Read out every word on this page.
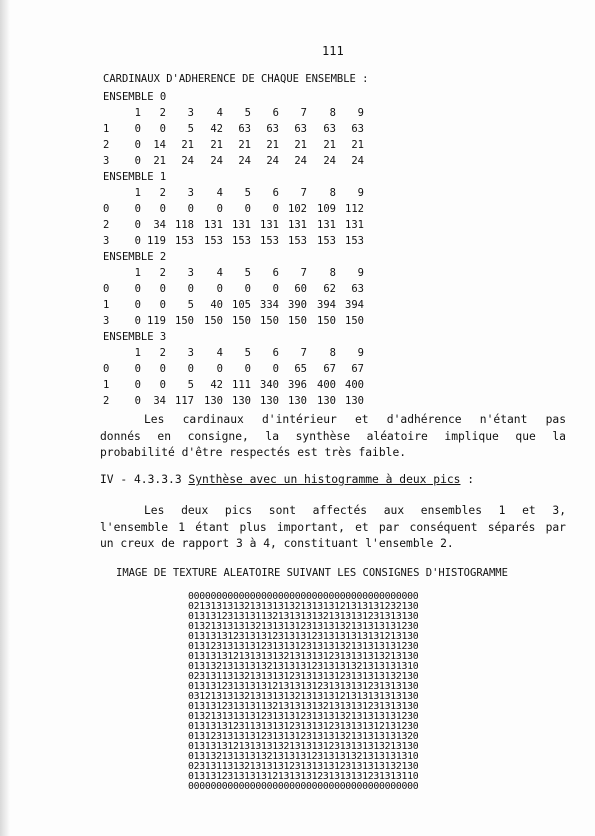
111
CARDINAUX D'ADHERENCE DE CHAQUE ENSEMBLE :
ENSEMBLE 0
1	2	3	4	5	6	7	8	9
1	0	0	5	42	63	63	63	63	63
2	0	14	21	21	21	21	21	21	21
3	0	21	24	24	24	24	24	24	24
ENSEMBLE 1
1	2	3	4	5	6	7	8	9
0	0	0	0	0	0	0 102 109 112
2	0	34 118 131 131 131 131 131 131
3	0 119 153 153 153 153 153 153 153
ENSEMBLE 2
1	2	3	4	5	6	7	8	9
0	0	0	0	0	0	0	60	62	63
1	0	0	5	40 105 334 390 394 394
3	0 119 150 150 150 150 150 150 150
ENSEMBLE 3
1	2	3	4	5	6	7	8	9
0	0	0	0	0	0	0	65	67	67
1	0	0	5	42 111 340 396 400 400
2	0	34 117 130 130 130 130 130 130
Les cardinaux d'intérieur et d'adhérence n'étant pas
donnés en consigne, la synthèse aléatoire implique que la
probabilité d'être respectés est très faible.
IV - 4.3.3.3 Synthèse avec un histogramme à deux pics :
Les deux pics sont affectés aux ensembles 1 et 3,
l'ensemble 1 étant plus important, et par conséquent séparés par
un creux de rapport 3 à 4, constituant l'ensemble 2.
IMAGE DE TEXTURE ALEATOIRE SUIVANT LES CONSIGNES D'HISTOGRAMME
00000000000000000000000000000000000000000
02131313132131313132131313121313131232130
01313123131311321313131321313131231313130
01321313131321313131231313132131313131230
01313131231313123131312313131313131213130
01312313131312313131231313132131313131230
01313131213131313213131312313131313213130
01313213131313213131312313131321313131310
02313113132131313123131313123131313132130
01313123131313121313131231313131231313130
03121313132131313132131313121313131313130
01313123131311321313131321313131231313130
01321313131312313131231313132131313131230
01313131231131313123131312313131312131230
01312313131312313131231313132131313131320
01313131213131313213131312313131313213130
01313213131313213131312313131321313131310
02313113132131313123131313123131313132130
01313123131313121313131231313131231313110
00000000000000000000000000000000000000000
